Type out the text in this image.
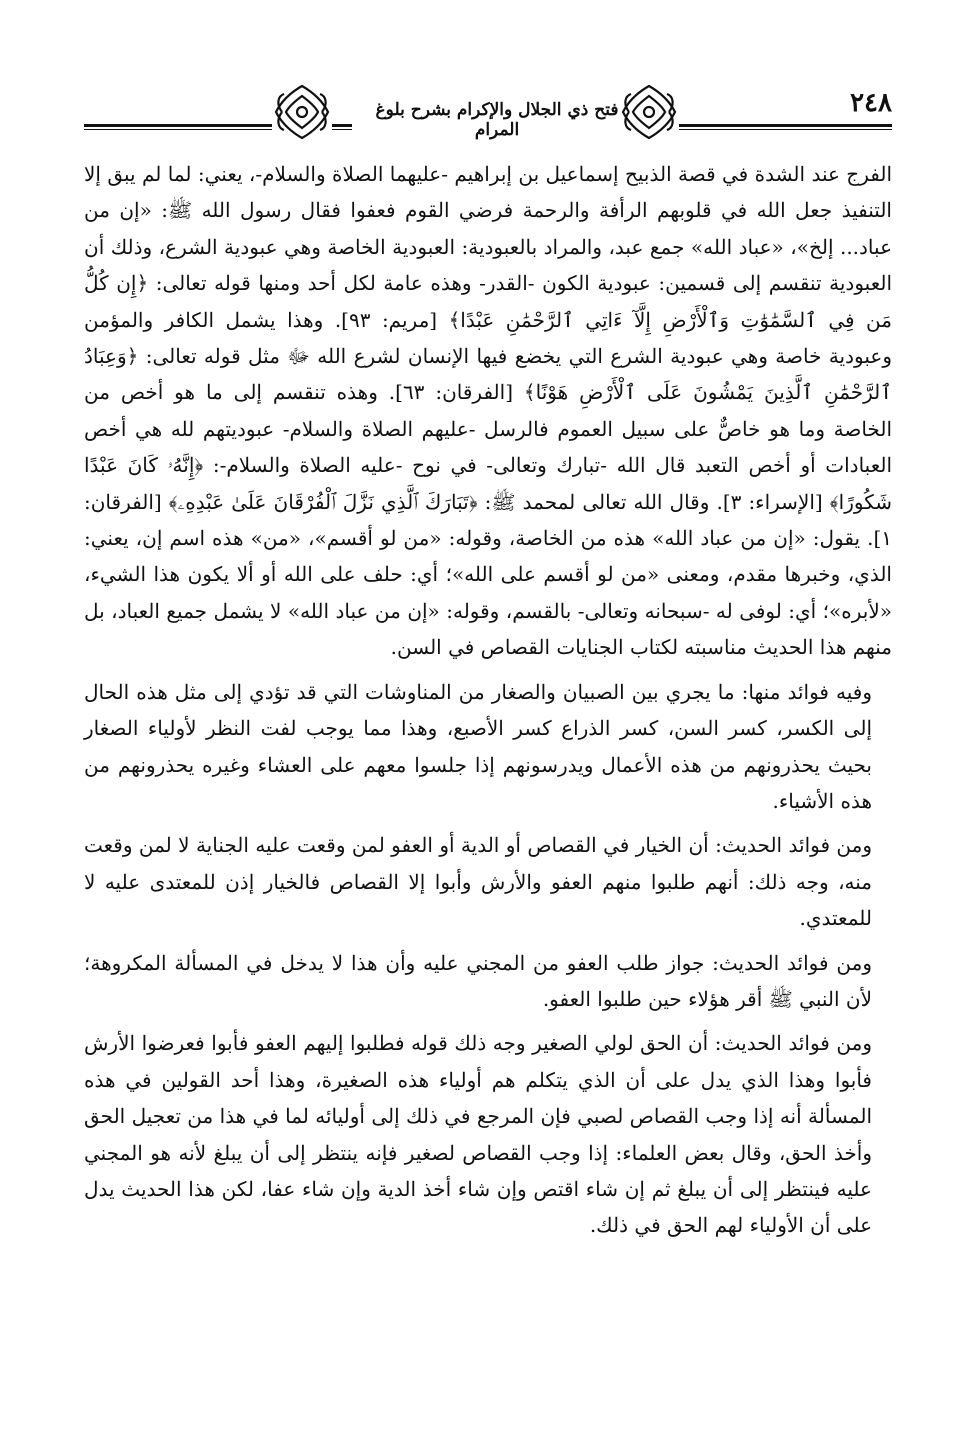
فتح ذي الجلال والإكرام بشرح بلوغ المرام
٢٤٨

الفرج عند الشدة في قصة الذبيح إسماعيل بن إبراهيم -عليهما الصلاة والسلام-، يعني: لما لم يبق إلا التنفيذ جعل الله في قلوبهم الرأفة والرحمة فرضي القوم فعفوا فقال رسول الله ﷺ: «إن من عباد... إلخ»، «عباد الله» جمع عبد، والمراد بالعبودية: العبودية الخاصة وهي عبودية الشرع، وذلك أن العبودية تنقسم إلى قسمين: عبودية الكون -القدر- وهذه عامة لكل أحد ومنها قوله تعالى: ﴿إِن كُلُّ مَن فِي ٱلسَّمَٰوَٰتِ وَٱلْأَرْضِ إِلَّآ ءَاتِي ٱلرَّحْمَٰنِ عَبْدًا﴾ [مريم: ٩٣]. وهذا يشمل الكافر والمؤمن وعبودية خاصة وهي عبودية الشرع التي يخضع فيها الإنسان لشرع الله ﷻ مثل قوله تعالى: ﴿وَعِبَادُ ٱلرَّحْمَٰنِ ٱلَّذِينَ يَمْشُونَ عَلَى ٱلْأَرْضِ هَوْنًا﴾ [الفرقان: ٦٣]. وهذه تنقسم إلى ما هو أخص من الخاصة وما هو خاصٌّ على سبيل العموم فالرسل -عليهم الصلاة والسلام- عبوديتهم لله هي أخص العبادات أو أخص التعبد قال الله -تبارك وتعالى- في نوح -عليه الصلاة والسلام-: ﴿إِنَّهُۥ كَانَ عَبْدًا شَكُورًا﴾ [الإسراء: ٣]. وقال الله تعالى لمحمد ﷺ: ﴿تَبَارَكَ ٱلَّذِي نَزَّلَ ٱلْفُرْقَانَ عَلَىٰ عَبْدِهِۦ﴾ [الفرقان: ١]. يقول: «إن من عباد الله» هذه من الخاصة، وقوله: «من لو أقسم»، «من» هذه اسم إن، يعني: الذي، وخبرها مقدم، ومعنى «من لو أقسم على الله»؛ أي: حلف على الله أو ألا يكون هذا الشيء، «لأبره»؛ أي: لوفى له -سبحانه وتعالى- بالقسم، وقوله: «إن من عباد الله» لا يشمل جميع العباد، بل منهم هذا الحديث مناسبته لكتاب الجنايات القصاص في السن.

وفيه فوائد منها: ما يجري بين الصبيان والصغار من المناوشات التي قد تؤدي إلى مثل هذه الحال إلى الكسر، كسر السن، كسر الذراع كسر الأصبع، وهذا مما يوجب لفت النظر لأولياء الصغار بحيث يحذرونهم من هذه الأعمال ويدرسونهم إذا جلسوا معهم على العشاء وغيره يحذرونهم من هذه الأشياء.

ومن فوائد الحديث: أن الخيار في القصاص أو الدية أو العفو لمن وقعت عليه الجناية لا لمن وقعت منه، وجه ذلك: أنهم طلبوا منهم العفو والأرش وأبوا إلا القصاص فالخيار إذن للمعتدى عليه لا للمعتدي.

ومن فوائد الحديث: جواز طلب العفو من المجني عليه وأن هذا لا يدخل في المسألة المكروهة؛ لأن النبي ﷺ أقر هؤلاء حين طلبوا العفو.

ومن فوائد الحديث: أن الحق لولي الصغير وجه ذلك قوله فطلبوا إليهم العفو فأبوا فعرضوا الأرش فأبوا وهذا الذي يدل على أن الذي يتكلم هم أولياء هذه الصغيرة، وهذا أحد القولين في هذه المسألة أنه إذا وجب القصاص لصبي فإن المرجع في ذلك إلى أوليائه لما في هذا من تعجيل الحق وأخذ الحق، وقال بعض العلماء: إذا وجب القصاص لصغير فإنه ينتظر إلى أن يبلغ لأنه هو المجني عليه فينتظر إلى أن يبلغ ثم إن شاء اقتص وإن شاء أخذ الدية وإن شاء عفا، لكن هذا الحديث يدل على أن الأولياء لهم الحق في ذلك.
